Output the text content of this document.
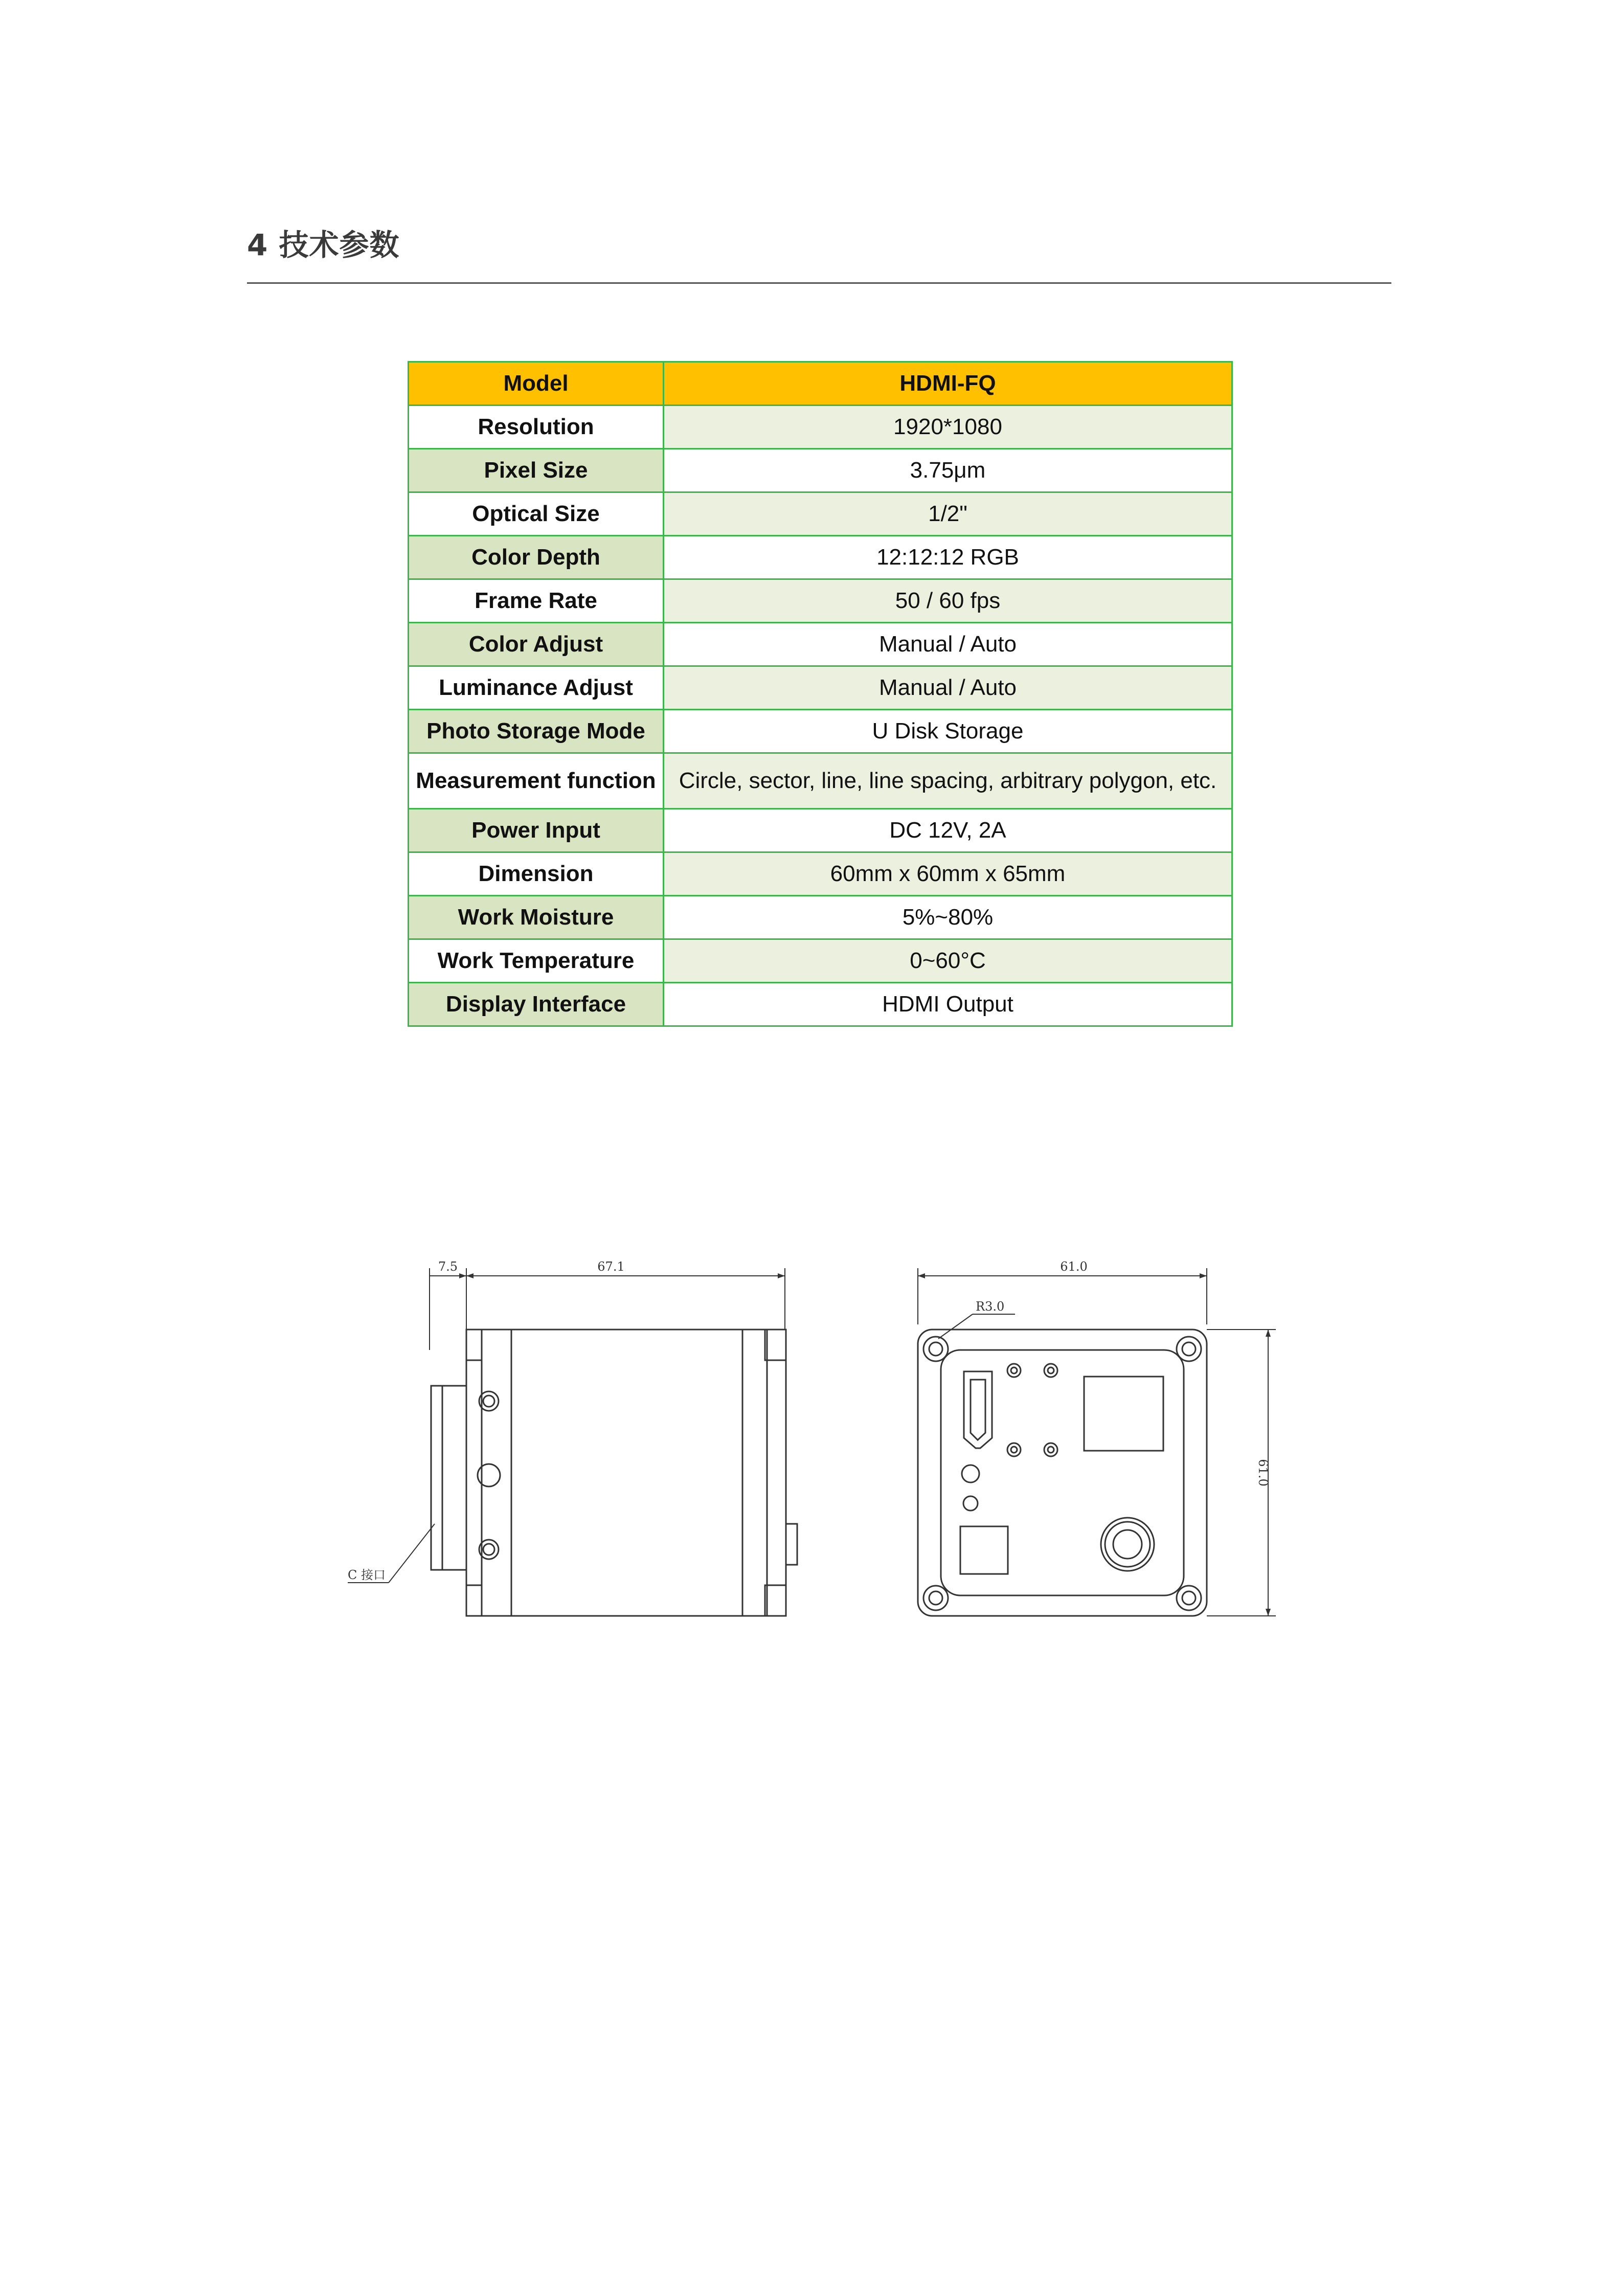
4 技术参数
Model	HDMI-FQ
Resolution	1920*1080
Pixel Size	3.75μm
Optical Size	1/2"
Color Depth	12:12:12 RGB
Frame Rate	50 / 60 fps
Color Adjust	Manual / Auto
Luminance Adjust	Manual / Auto
Photo Storage Mode	U Disk Storage
Measurement function	Circle, sector, line, line spacing, arbitrary polygon, etc.
Power Input	DC 12V, 2A
Dimension	60mm x 60mm x 65mm
Work Moisture	5%~80%
Work Temperature	0~60°C
Display Interface	HDMI Output
7.5	67.1
C 接口
61.0
61.0
R3.0
